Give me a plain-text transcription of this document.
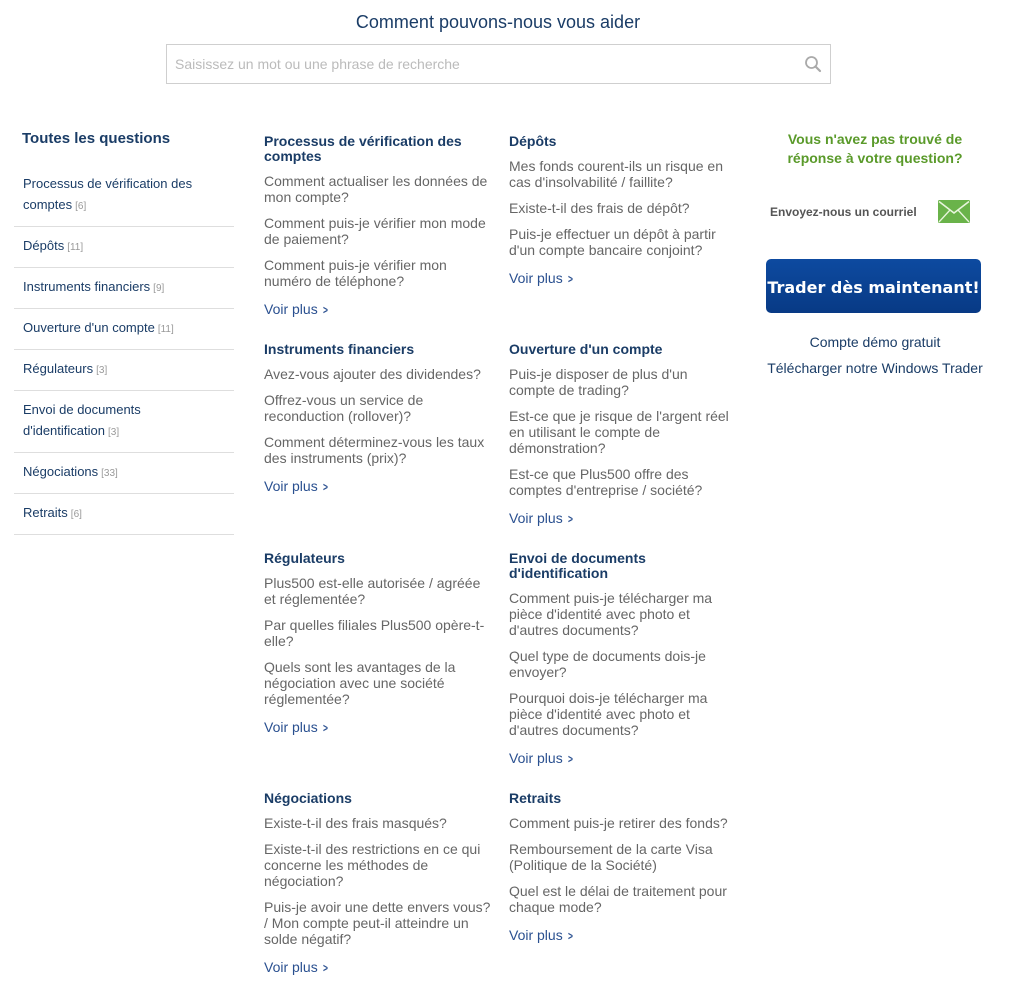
Comment pouvons-nous vous aider
Saisissez un mot ou une phrase de recherche
Toutes les questions
Processus de vérification des comptes [6]
Dépôts [11]
Instruments financiers [9]
Ouverture d'un compte [11]
Régulateurs [3]
Envoi de documents d'identification [3]
Négociations [33]
Retraits [6]
Processus de vérification des comptes
Comment actualiser les données de mon compte?
Comment puis-je vérifier mon mode de paiement?
Comment puis-je vérifier mon numéro de téléphone?
Voir plus >
Dépôts
Mes fonds courent-ils un risque en cas d'insolvabilité / faillite?
Existe-t-il des frais de dépôt?
Puis-je effectuer un dépôt à partir d'un compte bancaire conjoint?
Voir plus >
Instruments financiers
Avez-vous ajouter des dividendes?
Offrez-vous un service de reconduction (rollover)?
Comment déterminez-vous les taux des instruments (prix)?
Voir plus >
Ouverture d'un compte
Puis-je disposer de plus d'un compte de trading?
Est-ce que je risque de l'argent réel en utilisant le compte de démonstration?
Est-ce que Plus500 offre des comptes d'entreprise / société?
Voir plus >
Régulateurs
Plus500 est-elle autorisée / agréée et réglementée?
Par quelles filiales Plus500 opère-t-elle?
Quels sont les avantages de la négociation avec une société réglementée?
Voir plus >
Envoi de documents d'identification
Comment puis-je télécharger ma pièce d'identité avec photo et d'autres documents?
Quel type de documents dois-je envoyer?
Pourquoi dois-je télécharger ma pièce d'identité avec photo et d'autres documents?
Voir plus >
Négociations
Existe-t-il des frais masqués?
Existe-t-il des restrictions en ce qui concerne les méthodes de négociation?
Puis-je avoir une dette envers vous? / Mon compte peut-il atteindre un solde négatif?
Voir plus >
Retraits
Comment puis-je retirer des fonds?
Remboursement de la carte Visa (Politique de la Société)
Quel est le délai de traitement pour chaque mode?
Voir plus >
Vous n'avez pas trouvé de réponse à votre question?
Envoyez-nous un courriel
Trader dès maintenant!
Compte démo gratuit
Télécharger notre Windows Trader
